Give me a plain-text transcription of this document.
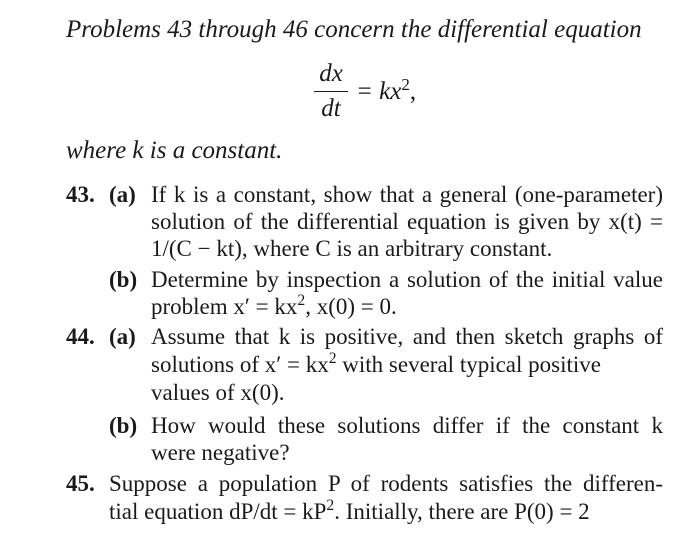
Problems 43 through 46 concern the differential equation
dx
dt
= $kx^2$,
where k is a constant.
43. (a) If k is a constant, show that a general (one-parameter)
solution of the differential equation is given by x(t) =
1/(C − kt), where C is an arbitrary constant.
(b) Determine by inspection a solution of the initial value
problem $x' = kx^2$, x(0) = 0.
44. (a) Assume that k is positive, and then sketch graphs of
solutions of x′ = kx $^2$ with several typical positive
values of x(0).
(b) How would these solutions differ if the constant k
were negative?
45. Suppose a population P of rodents satisfies the differen-
tial equation $dP/dt = kP^2$. Initially, there are P(0) = 2
